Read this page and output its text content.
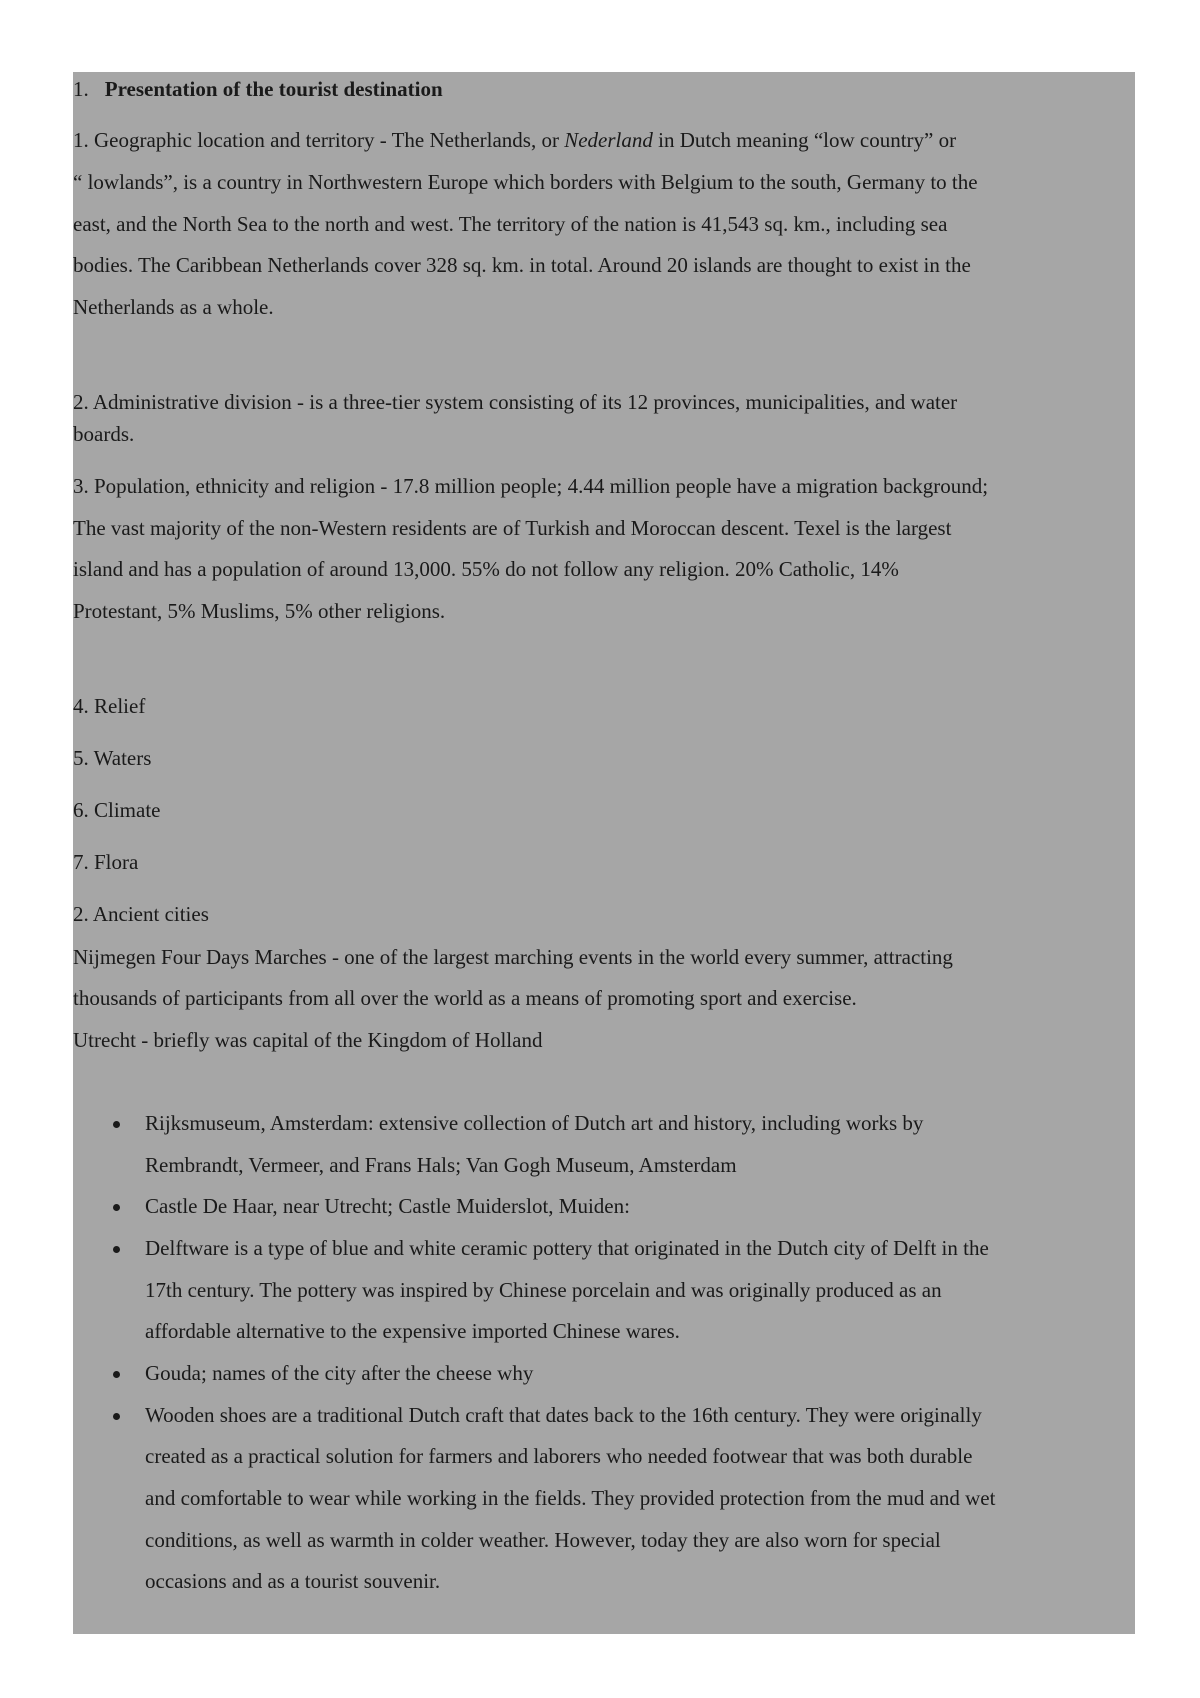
1. Presentation of the tourist destination
1. Geographic location and territory - The Netherlands, or Nederland in Dutch meaning “low country” or
“ lowlands”, is a country in Northwestern Europe which borders with Belgium to the south, Germany to the
east, and the North Sea to the north and west. The territory of the nation is 41,543 sq. km., including sea
bodies. The Caribbean Netherlands cover 328 sq. km. in total. Around 20 islands are thought to exist in the
Netherlands as a whole.
2. Administrative division - is a three-tier system consisting of its 12 provinces, municipalities, and water
boards.
3. Population, ethnicity and religion - 17.8 million people; 4.44 million people have a migration background;
The vast majority of the non-Western residents are of Turkish and Moroccan descent. Texel is the largest
island and has a population of around 13,000. 55% do not follow any religion. 20% Catholic, 14%
Protestant, 5% Muslims, 5% other religions.
4. Relief
5. Waters
6. Climate
7. Flora
2. Ancient cities
Nijmegen Four Days Marches - one of the largest marching events in the world every summer, attracting
thousands of participants from all over the world as a means of promoting sport and exercise.
Utrecht - briefly was capital of the Kingdom of Holland
Rijksmuseum, Amsterdam: extensive collection of Dutch art and history, including works by
Rembrandt, Vermeer, and Frans Hals; Van Gogh Museum, Amsterdam
Castle De Haar, near Utrecht; Castle Muiderslot, Muiden:
Delftware is a type of blue and white ceramic pottery that originated in the Dutch city of Delft in the
17th century. The pottery was inspired by Chinese porcelain and was originally produced as an
affordable alternative to the expensive imported Chinese wares.
Gouda; names of the city after the cheese why
Wooden shoes are a traditional Dutch craft that dates back to the 16th century. They were originally
created as a practical solution for farmers and laborers who needed footwear that was both durable
and comfortable to wear while working in the fields. They provided protection from the mud and wet
conditions, as well as warmth in colder weather. However, today they are also worn for special
occasions and as a tourist souvenir.
